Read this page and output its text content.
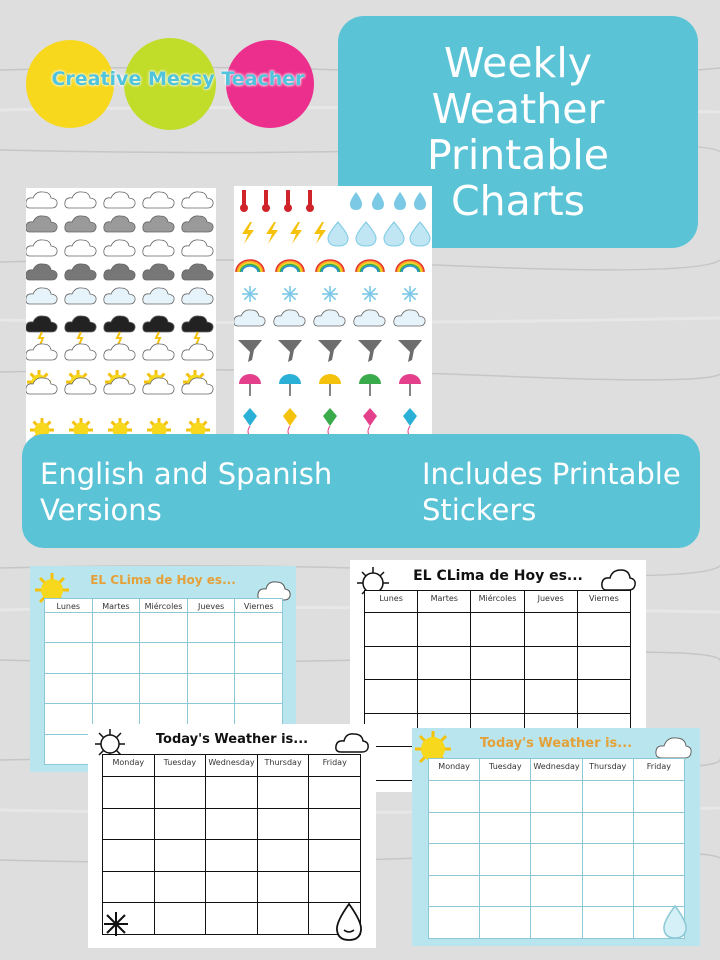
Creative Messy Teacher	Weekly
Weather
Printable
Charts
English and Spanish
Versions
Includes Printable
Stickers
EL CLima de Hoy es...
Lunes	Martes	Miércoles	Jueves	Viernes
EL CLima de Hoy es...
Lunes	Martes	Miércoles	Jueves	Viernes
Today's Weather is...
Monday	Tuesday	Wednesday	Thursday	Friday
Today's Weather is...
Monday	Tuesday	Wednesday	Thursday	Friday
